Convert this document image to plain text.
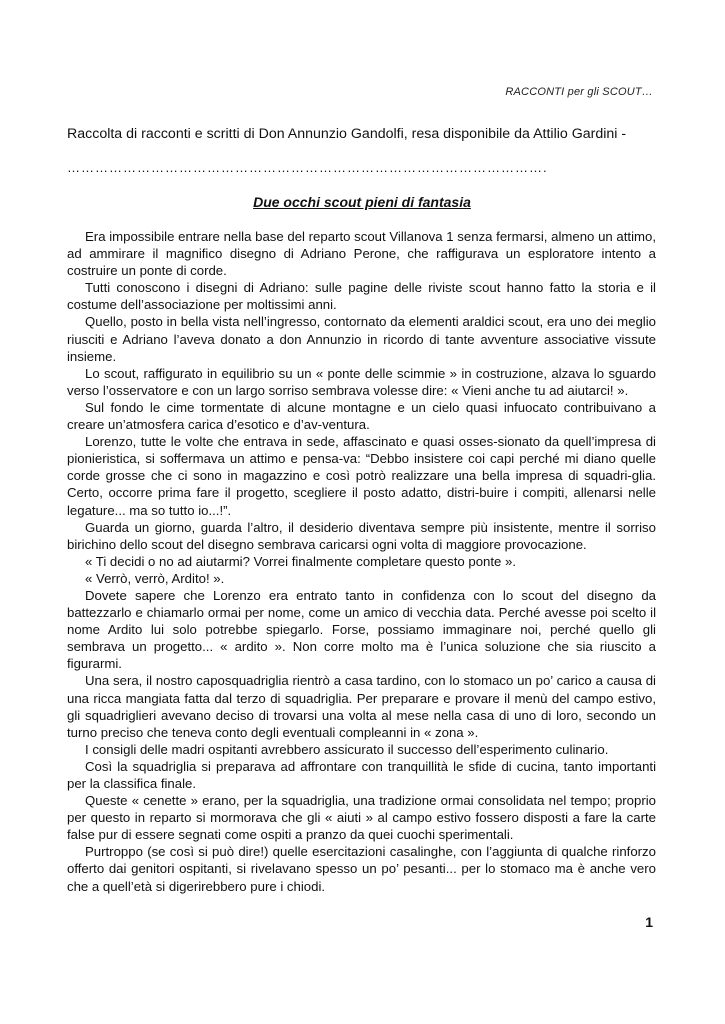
RACCONTI per gli SCOUT…
Raccolta di racconti e scritti di Don Annunzio Gandolfi, resa disponibile da Attilio Gardini -
………………………………………………………………………………………….
Due occhi scout pieni di fantasia

Era impossibile entrare nella base del reparto scout Villanova 1 senza fermarsi, almeno un attimo, ad ammirare il magnifico disegno di Adriano Perone, che raffigurava un esploratore intento a costruire un ponte di corde.

Tutti conoscono i disegni di Adriano: sulle pagine delle riviste scout hanno fatto la storia e il costume dell’associazione per moltissimi anni.

Quello, posto in bella vista nell’ingresso, contornato da elementi araldici scout, era uno dei meglio riusciti e Adriano l’aveva donato a don Annunzio in ricordo di tante avventure associative vissute insieme.

Lo scout, raffigurato in equilibrio su un « ponte delle scimmie » in costruzione, alzava lo sguardo verso l’osservatore e con un largo sorriso sembrava volesse dire: « Vieni anche tu ad aiutarci! ».

Sul fondo le cime tormentate di alcune montagne e un cielo quasi infuocato contribuivano a creare un’atmosfera carica d’esotico e d’av-ventura.

Lorenzo, tutte le volte che entrava in sede, affascinato e quasi osses-sionato da quell’impresa di pionieristica, si soffermava un attimo e pensa-va: “Debbo insistere coi capi perché mi diano quelle corde grosse che ci sono in magazzino e così potrò realizzare una bella impresa di squadri-glia. Certo, occorre prima fare il progetto, scegliere il posto adatto, distri-buire i compiti, allenarsi nelle legature... ma so tutto io...!”.

Guarda un giorno, guarda l’altro, il desiderio diventava sempre più insistente, mentre il sorriso birichino dello scout del disegno sembrava caricarsi ogni volta di maggiore provocazione.

« Ti decidi o no ad aiutarmi? Vorrei finalmente completare questo ponte ».

« Verrò, verrò, Ardito! ».

Dovete sapere che Lorenzo era entrato tanto in confidenza con lo scout del disegno da battezzarlo e chiamarlo ormai per nome, come un amico di vecchia data. Perché avesse poi scelto il nome Ardito lui solo potrebbe spiegarlo. Forse, possiamo immaginare noi, perché quello gli sembrava un progetto... « ardito ». Non corre molto ma è l’unica soluzione che sia riuscito a figurarmi.

Una sera, il nostro caposquadriglia rientrò a casa tardino, con lo stomaco un po’ carico a causa di una ricca mangiata fatta dal terzo di squadriglia. Per preparare e provare il menù del campo estivo, gli squadriglieri avevano deciso di trovarsi una volta al mese nella casa di uno di loro, secondo un turno preciso che teneva conto degli eventuali compleanni in « zona ».

I consigli delle madri ospitanti avrebbero assicurato il successo dell’esperimento culinario.

Così la squadriglia si preparava ad affrontare con tranquillità le sfide di cucina, tanto importanti per la classifica finale.

Queste « cenette » erano, per la squadriglia, una tradizione ormai consolidata nel tempo; proprio per questo in reparto si mormorava che gli « aiuti » al campo estivo fossero disposti a fare la carte false pur di essere segnati come ospiti a pranzo da quei cuochi sperimentali.

Purtroppo (se così si può dire!) quelle esercitazioni casalinghe, con l’aggiunta di qualche rinforzo offerto dai genitori ospitanti, si rivelavano spesso un po’ pesanti... per lo stomaco ma è anche vero che a quell’età si digerirebbero pure i chiodi.

1
